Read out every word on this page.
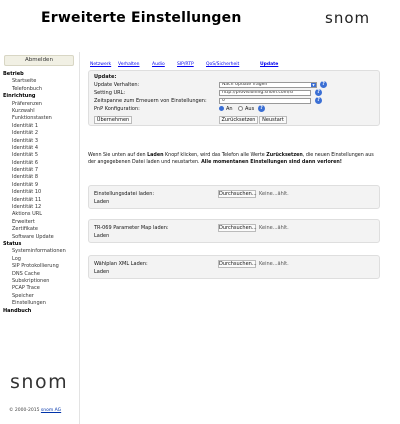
Erweiterte Einstellungen	snom
Abmelden
Betrieb
Startseite
Telefonbuch
Einrichtung
Präferenzen
Kurzwahl
Funktionstasten
Identität 1
Identität 2
Identität 3
Identität 4
Identität 5
Identität 6
Identität 7
Identität 8
Identität 9
Identität 10
Identität 11
Identität 12
Aktions URL
Erweitert
Zertifikate
Software Update
Status
Systeminformationen
Log
SIP Protokollierung
DNS Cache
Subskriptionen
PCAP Trace
Speicher
Einstellungen
Handbuch
snom
© 2000-2015 snom AG
Netzwerk Verhalten	Audio	SIP/RTP	QoS/Sicherheit	Update
Update:
Update Verhalten:	Nach Update fragen	▼	?
Setting URL:	http://provisioning.snom.com/sr	?
Zeitspanne zum Erneuern von Einstellungen:	0	?
PnP Konfiguration:	An Aus	?
Übernehmen	Zurücksetzen	Neustart
Wenn Sie unten auf den Laden Knopf klicken, wird das Telefon alle Werte Zurücksetzen, die neuen Einstellungen aus der angegebenen Datei laden und neustarten. Alle momentanen Einstellungen sind dann verloren!
Einstellungsdatei laden:	Durchsuchen... Keine...ählt.
Laden
TR-069 Parameter Map laden:	Durchsuchen... Keine...ählt.
Laden
Wählplan XML Laden:	Durchsuchen... Keine...ählt.
Laden
